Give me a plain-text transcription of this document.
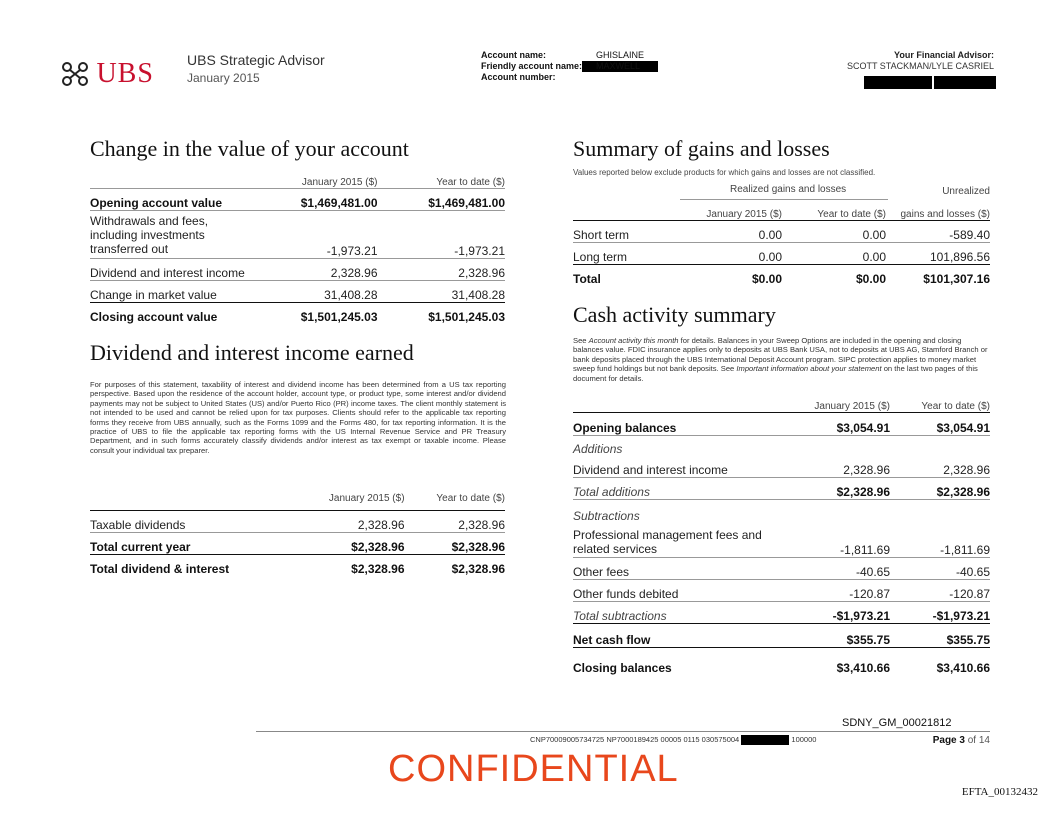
UBS UBS Strategic Advisor
January 2015
Account name:	GHISLAINE MAXWELL
Friendly account name:
Account number:
Your Financial Advisor:
SCOTT STACKMAN/LYLE CASRIEL
Change in the value of your account
	January 2015 ($)	Year to date ($)
Opening account value	$1,469,481.00	$1,469,481.00
Withdrawals and fees, including investments transferred out	-1,973.21	-1,973.21
Dividend and interest income	2,328.96	2,328.96
Change in market value	31,408.28	31,408.28
Closing account value	$1,501,245.03	$1,501,245.03
Dividend and interest income earned
For purposes of this statement, taxability of interest and dividend income has been determined from a US tax reporting perspective. Based upon the residence of the account holder, account type, or product type, some interest and/or dividend payments may not be subject to United States (US) and/or Puerto Rico (PR) income taxes. The client monthly statement is not intended to be used and cannot be relied upon for tax purposes. Clients should refer to the applicable tax reporting forms they receive from UBS annually, such as the Forms 1099 and the Forms 480, for tax reporting information. It is the practice of UBS to file the applicable tax reporting forms with the US Internal Revenue Service and PR Treasury Department, and in such forms accurately classify dividends and/or interest as tax exempt or taxable income. Please consult your individual tax preparer.
	January 2015 ($)	Year to date ($)

Taxable dividends	2,328.96	2,328.96
Total current year	$2,328.96	$2,328.96
Total dividend & interest	$2,328.96	$2,328.96
Summary of gains and losses
Values reported below exclude products for which gains and losses are not classified.
Realized gains and losses	Unrealized
	January 2015 ($)	Year to date ($)	gains and losses ($)
Short term	0.00	0.00	-589.40
Long term	0.00	0.00	101,896.56
Total	$0.00	$0.00	$101,307.16
Cash activity summary
See Account activity this month for details. Balances in your Sweep Options are included in the opening and closing balances value. FDIC insurance applies only to deposits at UBS Bank USA, not to deposits at UBS AG, Stamford Branch or bank deposits placed through the UBS International Deposit Account program. SIPC protection applies to money market sweep fund holdings but not bank deposits. See Important information about your statement on the last two pages of this document for details.
	January 2015 ($)	Year to date ($)
Opening balances	$3,054.91	$3,054.91
Additions		
Dividend and interest income	2,328.96	2,328.96
Total additions	$2,328.96	$2,328.96
Subtractions		
Professional management fees and related services	-1,811.69	-1,811.69
Other fees	-40.65	-40.65
Other funds debited	-120.87	-120.87
Total subtractions	-$1,973.21	-$1,973.21
Net cash flow	$355.75	$355.75
Closing balances	$3,410.66	$3,410.66
SDNY_GM_00021812
CNP70009005734725 NP7000189425 00005 0115 030575004	100000	Page 3 of 14
CONFIDENTIAL
EFTA_00132432
